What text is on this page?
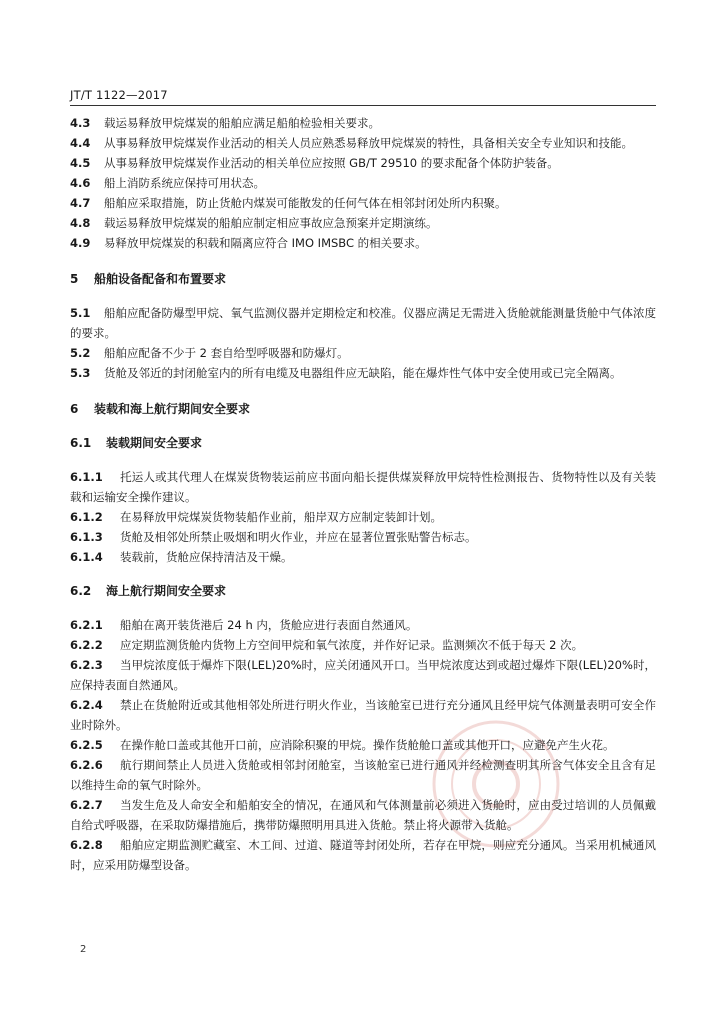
JT/T 1122—2017

4.3 载运易释放甲烷煤炭的船舶应满足船舶检验相关要求。

4.4 从事易释放甲烷煤炭作业活动的相关人员应熟悉易释放甲烷煤炭的特性，具备相关安全专业知识和技能。

4.5 从事易释放甲烷煤炭作业活动的相关单位应按照 GB/T 29510 的要求配备个体防护装备。

4.6 船上消防系统应保持可用状态。

4.7 船舶应采取措施，防止货舱内煤炭可能散发的任何气体在相邻封闭处所内积聚。

4.8 载运易释放甲烷煤炭的船舶应制定相应事故应急预案并定期演练。

4.9 易释放甲烷煤炭的积载和隔离应符合 IMO IMSBC 的相关要求。

5 船舶设备配备和布置要求

5.1 船舶应配备防爆型甲烷、氧气监测仪器并定期检定和校准。仪器应满足无需进入货舱就能测量货舱中气体浓度的要求。

5.2 船舶应配备不少于 2 套自给型呼吸器和防爆灯。

5.3 货舱及邻近的封闭舱室内的所有电缆及电器组件应无缺陷，能在爆炸性气体中安全使用或已完全隔离。

6 装载和海上航行期间安全要求

6.1 装载期间安全要求

6.1.1 托运人或其代理人在煤炭货物装运前应书面向船长提供煤炭释放甲烷特性检测报告、货物特性以及有关装载和运输安全操作建议。

6.1.2 在易释放甲烷煤炭货物装船作业前，船岸双方应制定装卸计划。

6.1.3 货舱及相邻处所禁止吸烟和明火作业，并应在显著位置张贴警告标志。

6.1.4 装载前，货舱应保持清洁及干燥。

6.2 海上航行期间安全要求

6.2.1 船舶在离开装货港后 24 h 内，货舱应进行表面自然通风。

6.2.2 应定期监测货舱内货物上方空间甲烷和氧气浓度，并作好记录。监测频次不低于每天 2 次。

6.2.3 当甲烷浓度低于爆炸下限(LEL)20%时，应关闭通风开口。当甲烷浓度达到或超过爆炸下限(LEL)20%时，应保持表面自然通风。

6.2.4 禁止在货舱附近或其他相邻处所进行明火作业，当该舱室已进行充分通风且经甲烷气体测量表明可安全作业时除外。

6.2.5 在操作舱口盖或其他开口前，应消除积聚的甲烷。操作货舱舱口盖或其他开口，应避免产生火花。

6.2.6 航行期间禁止人员进入货舱或相邻封闭舱室，当该舱室已进行通风并经检测查明其所含气体安全且含有足以维持生命的氧气时除外。

6.2.7 当发生危及人命安全和船舶安全的情况，在通风和气体测量前必须进入货舱时，应由受过培训的人员佩戴自给式呼吸器，在采取防爆措施后，携带防爆照明用具进入货舱。禁止将火源带入货舱。

6.2.8 船舶应定期监测贮藏室、木工间、过道、隧道等封闭处所，若存在甲烷，则应充分通风。当采用机械通风时，应采用防爆型设备。

2
